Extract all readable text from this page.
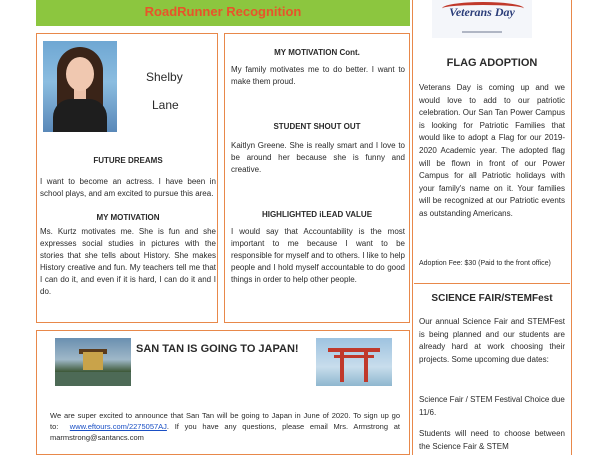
RoadRunner Recognition
Shelby
Lane
FUTURE DREAMS
I want to become an actress. I have been in school plays, and am excited to pursue this area.
MY MOTIVATION
Ms. Kurtz motivates me. She is fun and she expresses social studies in pictures with the stories that she tells about History. She makes History creative and fun. My teachers tell me that I can do it, and even if it is hard, I can do it and I do.
MY MOTIVATION Cont.
My family motivates me to do better. I want to make them proud.
STUDENT SHOUT OUT
Kaitlyn Greene. She is really smart and I love to be around her because she is funny and creative.
HIGHLIGHTED iLEAD VALUE
I would say that Accountability is the most important to me because I want to be responsible for myself and to others. I like to help people and I hold myself accountable to do good things in order to help other people.
SAN TAN IS GOING TO JAPAN!
We are super excited to announce that San Tan will be going to Japan in June of 2020. To sign up go to: www.eftours.com/2275057AJ. If you have any questions, please email Mrs. Armstrong at marmstrong@santancs.com
Veterans Day
FLAG ADOPTION
Veterans Day is coming up and we would love to add to our patriotic celebration. Our San Tan Power Campus is looking for Patriotic Families that would like to adopt a Flag for our 2019-2020 Academic year. The adopted flag will be flown in front of our Power Campus for all Patriotic holidays with your family's name on it. Your families will be recognized at our Patriotic events as outstanding Americans.
Adoption Fee: $30 (Paid to the front office)
SCIENCE FAIR/STEMFest
Our annual Science Fair and STEMFest is being planned and our students are already hard at work choosing their projects. Some upcoming due dates:
Science Fair / STEM Festival Choice due 11/6.
Students will need to choose between the Science Fair & STEM
